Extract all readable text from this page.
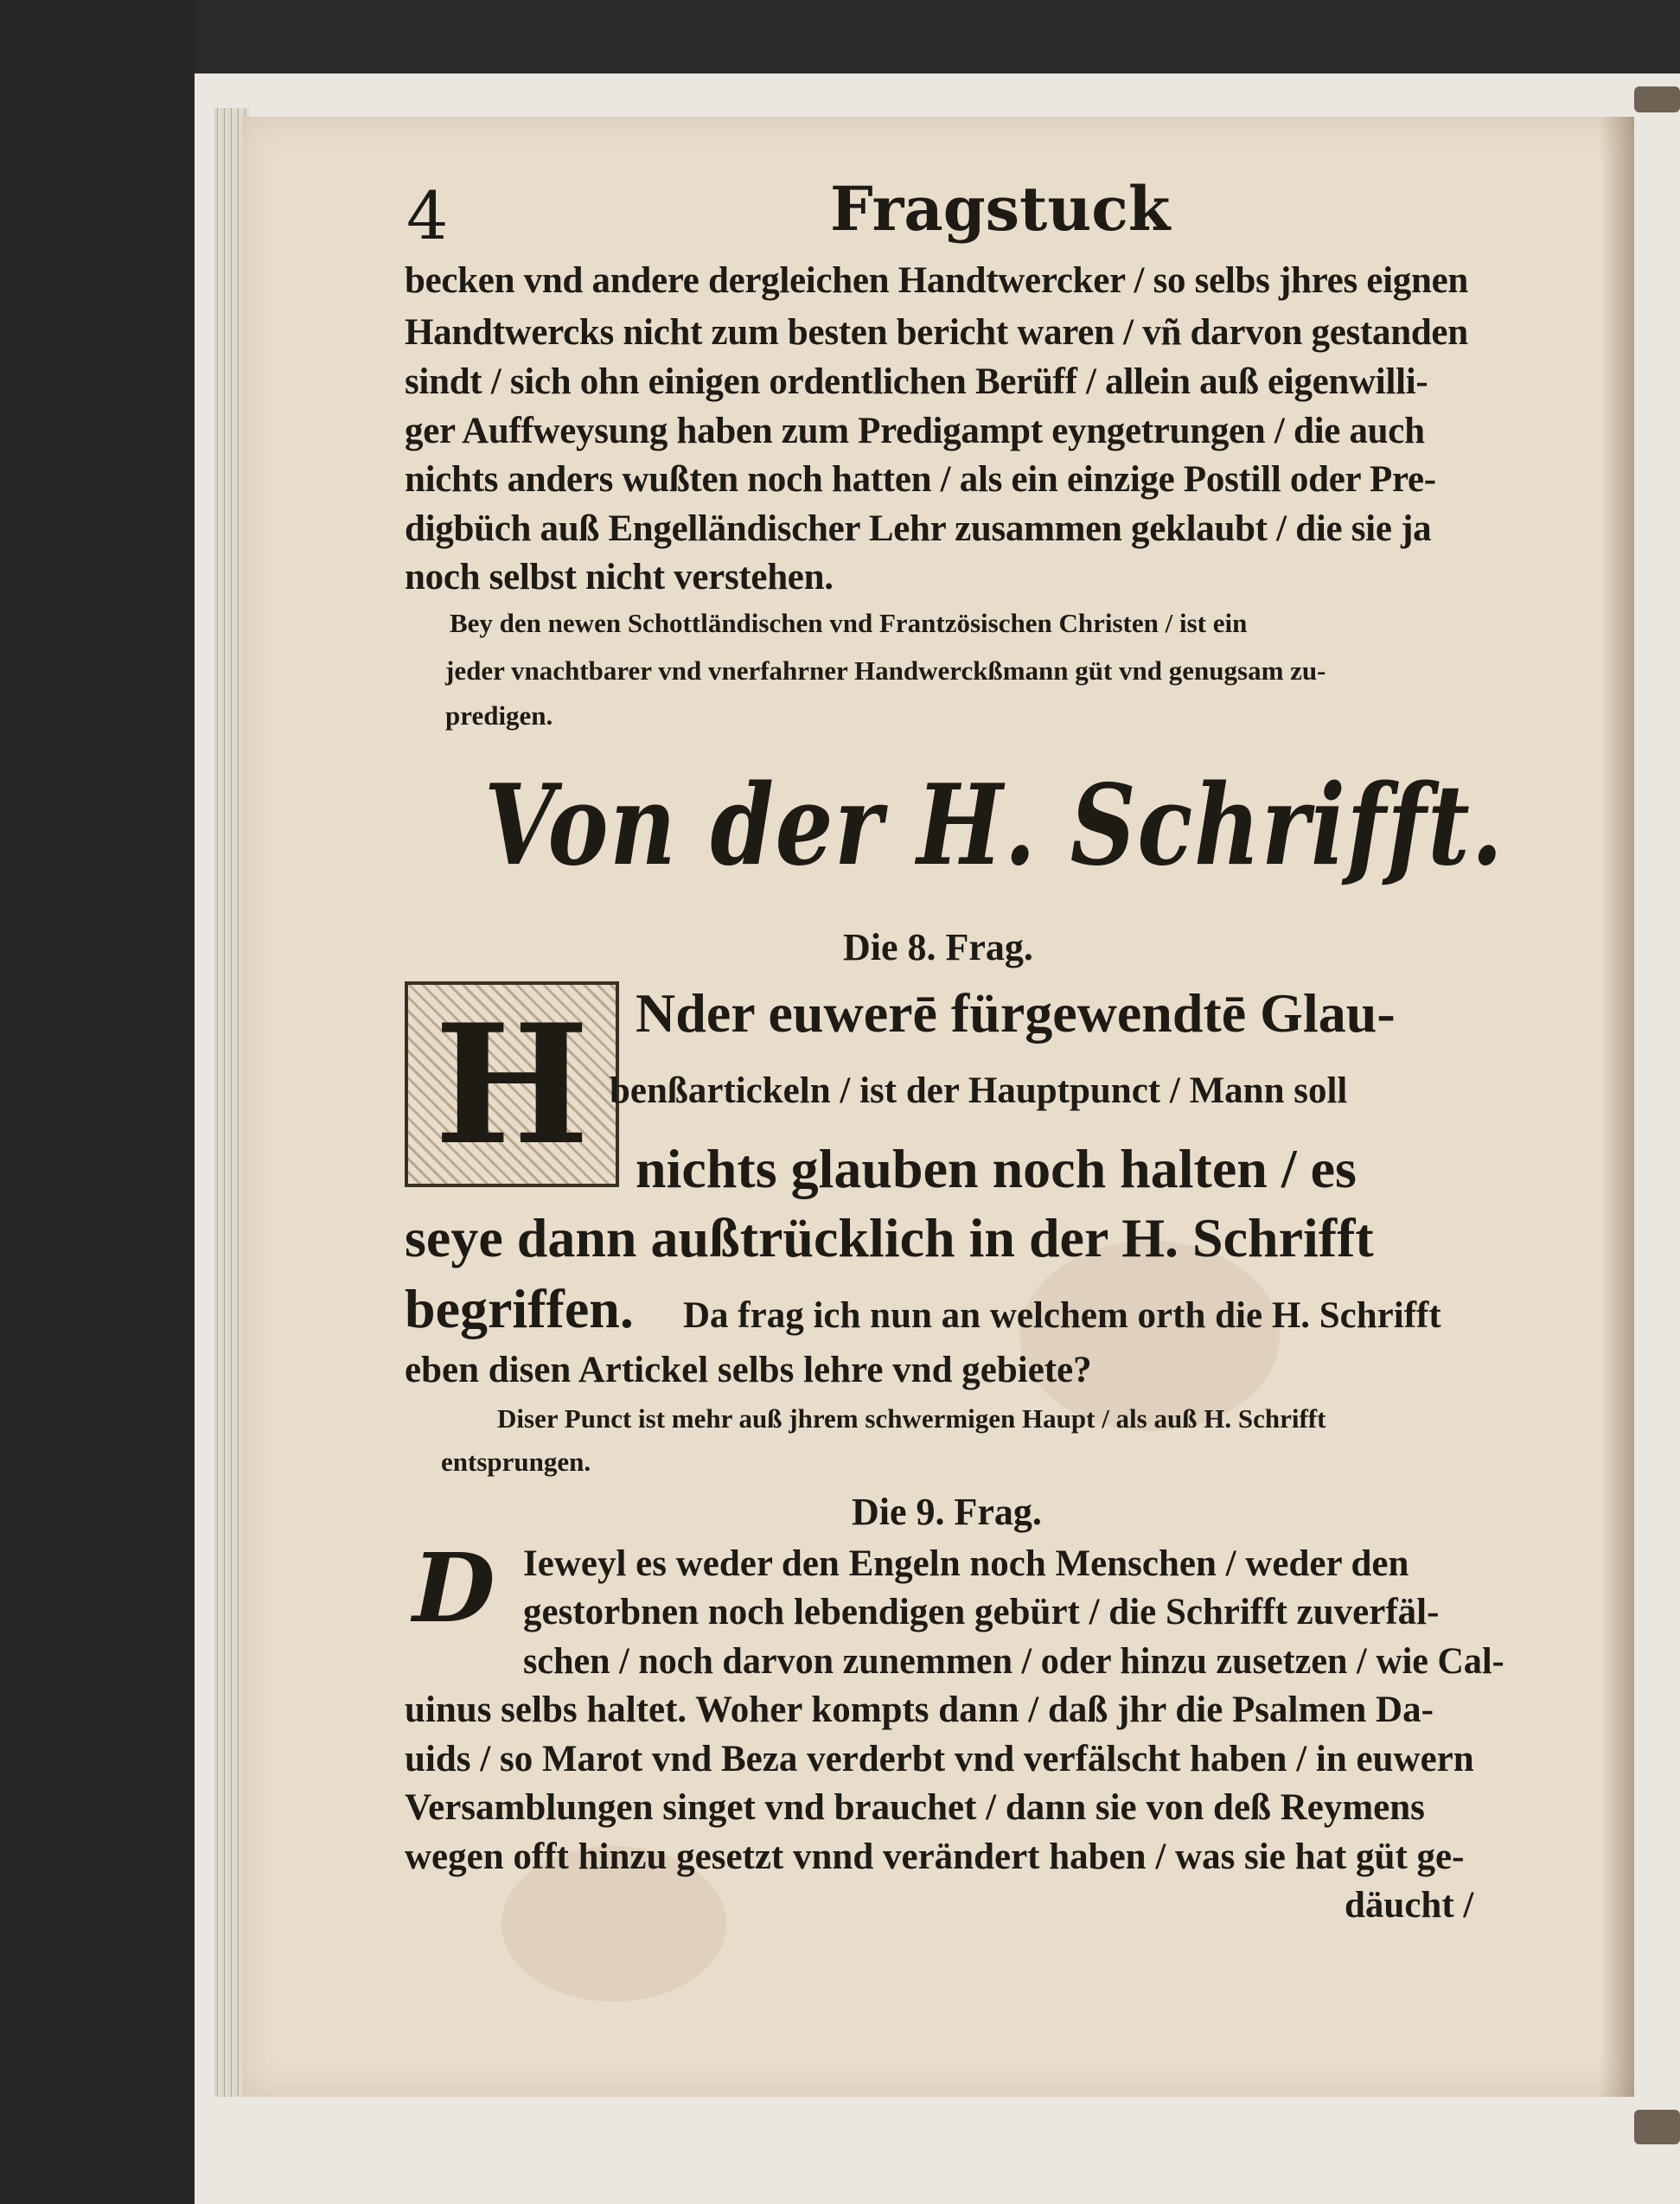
4	Fragstuck
becken vnd andere dergleichen Handtwercker / so selbs jhres eignen
Handtwercks nicht zum besten bericht waren / vñ darvon gestanden
sindt / sich ohn einigen ordentlichen Berüff / allein auß eigenwilli-
ger Auffweysung haben zum Predigampt eyngetrungen / die auch
nichts anders wußten noch hatten / als ein einzige Postill oder Pre-
digbüch auß Engelländischer Lehr zusammen geklaubt / die sie ja
noch selbst nicht verstehen.
Bey den newen Schottländischen vnd Frantzösischen Christen / ist ein
jeder vnachtbarer vnd vnerfahrner Handwerckßmann güt vnd genugsam zu-
predigen.
Von der H. Schrifft.
Die 8. Frag.
H Nder euwerē fürgewendtē Glau-
benßartickeln / ist der Hauptpunct / Mann soll
nichts glauben noch halten / es
seye dann außtrücklich in der H. Schrifft
begriffen. Da frag ich nun an welchem orth die H. Schrifft
eben disen Artickel selbs lehre vnd gebiete?
Diser Punct ist mehr auß jhrem schwermigen Haupt / als auß H. Schrifft
entsprungen.
Die 9. Frag.
D Ieweyl es weder den Engeln noch Menschen / weder den
gestorbnen noch lebendigen gebürt / die Schrifft zuverfäl-
schen / noch darvon zunemmen / oder hinzu zusetzen / wie Cal-
uinus selbs haltet. Woher kompts dann / daß jhr die Psalmen Da-
uids / so Marot vnd Beza verderbt vnd verfälscht haben / in euwern
Versamblungen singet vnd brauchet / dann sie von deß Reymens
wegen offt hinzu gesetzt vnnd verändert haben / was sie hat güt ge-
däucht /
